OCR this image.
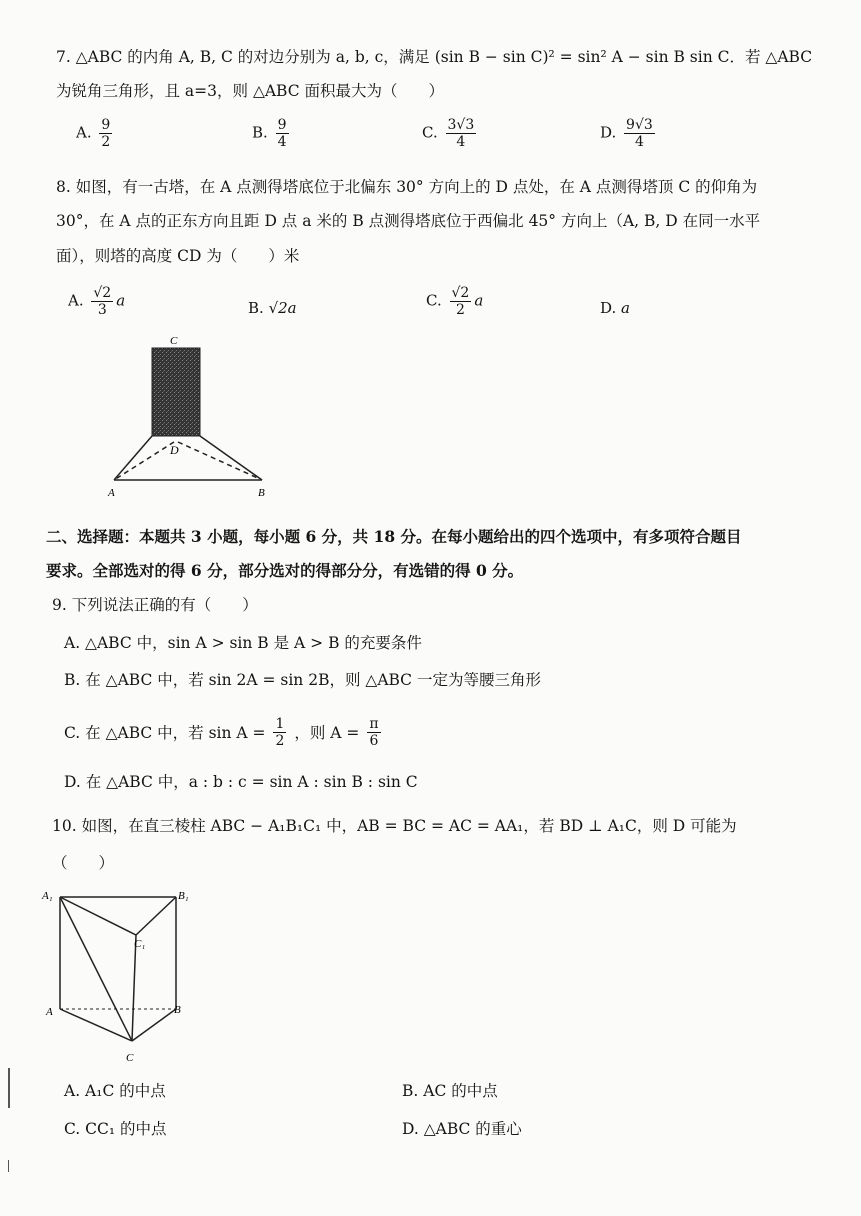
7. △ABC 的内角 A, B, C 的对边分别为 a, b, c，满足 (sin B − sin C)² = sin² A − sin B sin C．若 △ABC
为锐角三角形，且 a=3，则 △ABC 面积最大为（　　）
A. $\frac{9}{2}$	B. $\frac{9}{4}$	C. $\frac{3√3}{4}$	D. $\frac{9√3}{4}$
8. 如图，有一古塔，在 A 点测得塔底位于北偏东 30° 方向上的 D 点处，在 A 点测得塔顶 C 的仰角为
30°，在 A 点的正东方向且距 D 点 a 米的 B 点测得塔底位于西偏北 45° 方向上（A, B, D 在同一水平
面），则塔的高度 CD 为（　　）米
A. $\frac{√2}{3}$ a	B. √2a	C. $\frac{√2}{2}$ a	D. a
C
D
A	B
二、选择题：本题共 3 小题，每小题 6 分，共 18 分。在每小题给出的四个选项中，有多项符合题目
要求。全部选对的得 6 分，部分选对的得部分分，有选错的得 0 分。
9. 下列说法正确的有（　　）
A. △ABC 中，sin A > sin B 是 A > B 的充要条件
B. 在 △ABC 中，若 sin 2A = sin 2B，则 △ABC 一定为等腰三角形
C. 在 △ABC 中，若 $\sin A = \frac{1}{2}$ ，则 $A = \frac{\pi}{6}$
D. 在 △ABC 中，a : b : c = sin A : sin B : sin C
10. 如图，在直三棱柱 ABC − A₁B₁C₁ 中，AB = BC = AC = AA₁，若 BD ⊥ A₁C，则 D 可能为
（　　）
A₁	B₁
C₁
A	B
C
A. A₁C 的中点	B. AC 的中点
C. CC₁ 的中点	D. △ABC 的重心
